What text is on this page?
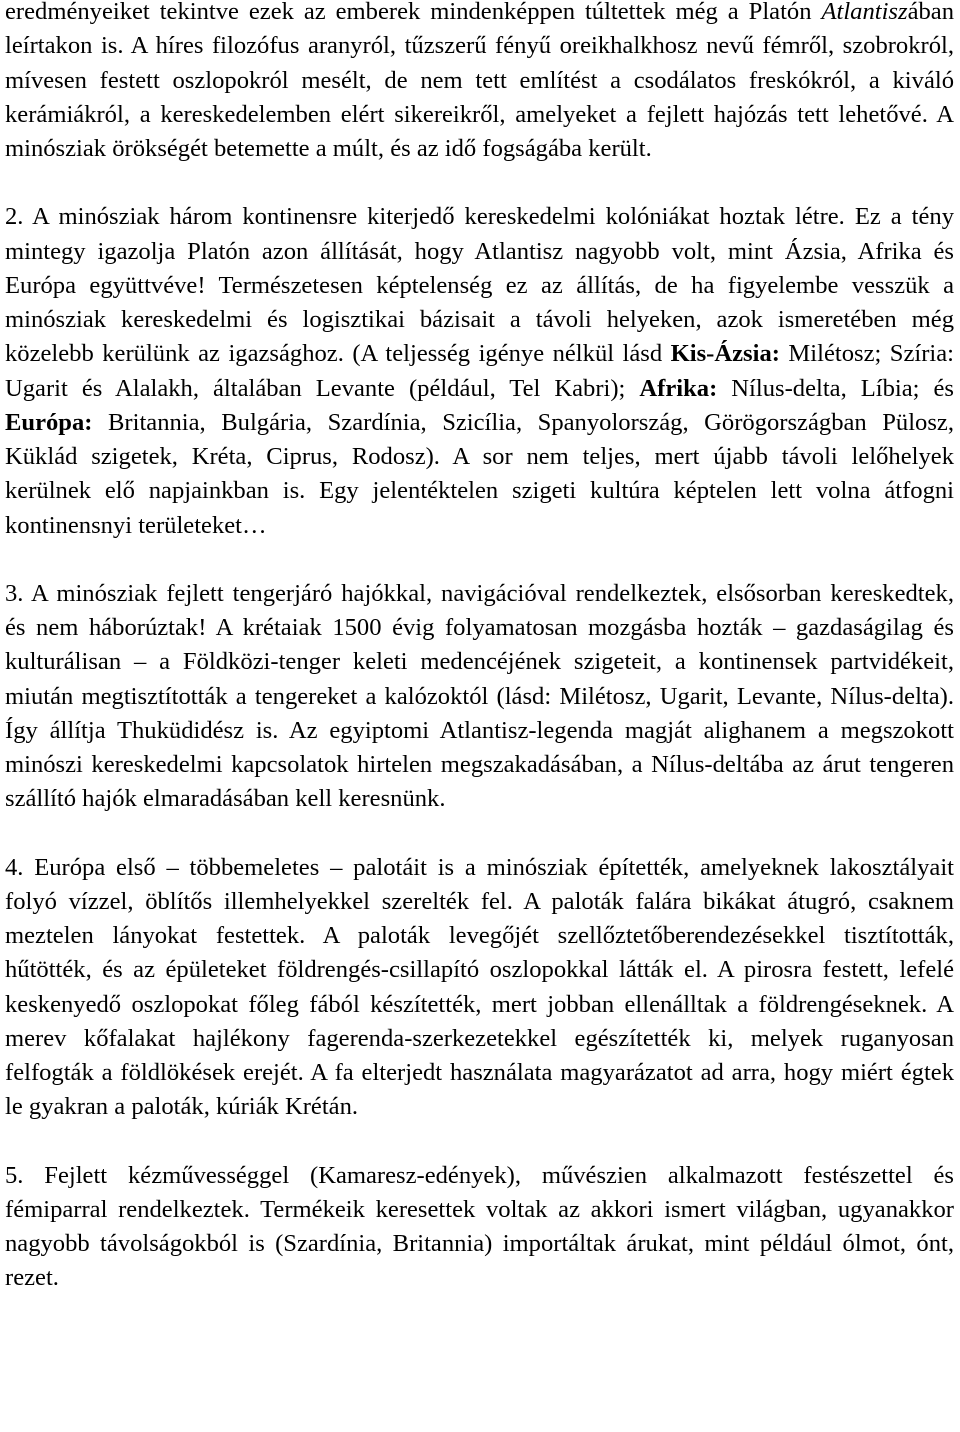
eredményeiket tekintve ezek az emberek mindenképpen túltettek még a Platón Atlantiszában leírtakon is. A híres filozófus aranyról, tűzszerű fényű oreikhalkhosz nevű fémről, szobrokról, mívesen festett oszlopokról mesélt, de nem tett említést a csodálatos freskókról, a kiváló kerámiákról, a kereskedelemben elért sikereikről, amelyeket a fejlett hajózás tett lehetővé. A minósziak örökségét betemette a múlt, és az idő fogságába került.

2. A minósziak három kontinensre kiterjedő kereskedelmi kolóniákat hoztak létre. Ez a tény mintegy igazolja Platón azon állítását, hogy Atlantisz nagyobb volt, mint Ázsia, Afrika és Európa együttvéve! Természetesen képtelenség ez az állítás, de ha figyelembe vesszük a minósziak kereskedelmi és logisztikai bázisait a távoli helyeken, azok ismeretében még közelebb kerülünk az igazsághoz. (A teljesség igénye nélkül lásd Kis-Ázsia: Milétosz; Szíria: Ugarit és Alalakh, általában Levante (például, Tel Kabri); Afrika: Nílus-delta, Líbia; és Európa: Britannia, Bulgária, Szardínia, Szicília, Spanyolország, Görögországban Pülosz, Küklád szigetek, Kréta, Ciprus, Rodosz). A sor nem teljes, mert újabb távoli lelőhelyek kerülnek elő napjainkban is. Egy jelentéktelen szigeti kultúra képtelen lett volna átfogni kontinensnyi területeket…

3. A minósziak fejlett tengerjáró hajókkal, navigációval rendelkeztek, elsősorban kereskedtek, és nem háborúztak! A krétaiak 1500 évig folyamatosan mozgásba hozták – gazdaságilag és kulturálisan – a Földközi-tenger keleti medencéjének szigeteit, a kontinensek partvidékeit, miután megtisztították a tengereket a kalózoktól (lásd: Milétosz, Ugarit, Levante, Nílus-delta). Így állítja Thuküdidész is. Az egyiptomi Atlantisz-legenda magját alighanem a megszokott minószi kereskedelmi kapcsolatok hirtelen megszakadásában, a Nílus-deltába az árut tengeren szállító hajók elmaradásában kell keresnünk.

4. Európa első – többemeletes – palotáit is a minósziak építették, amelyeknek lakosztályait folyó vízzel, öblítős illemhelyekkel szerelték fel. A paloták falára bikákat átugró, csaknem meztelen lányokat festettek. A paloták levegőjét szellőztetőberendezésekkel tisztították, hűtötték, és az épületeket földrengés-csillapító oszlopokkal látták el. A pirosra festett, lefelé keskenyedő oszlopokat főleg fából készítették, mert jobban ellenálltak a földrengéseknek. A merev kőfalakat hajlékony fagerenda-szerkezetekkel egészítették ki, melyek ruganyosan felfogták a földlökések erejét. A fa elterjedt használata magyarázatot ad arra, hogy miért égtek le gyakran a paloták, kúriák Krétán.

5. Fejlett kézművességgel (Kamaresz-edények), művészien alkalmazott festészettel és fémiparral rendelkeztek. Termékeik keresettek voltak az akkori ismert világban, ugyanakkor nagyobb távolságokból is (Szardínia, Britannia) importáltak árukat, mint például ólmot, ónt, rezet.
